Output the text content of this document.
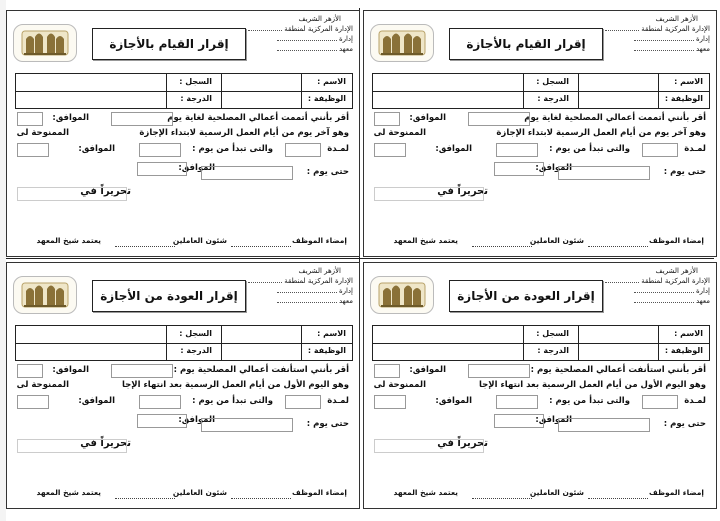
الأزهر الشريف
الإدارة المركزية لمنطقة
إدارة
معهد
إقرار القيام بالأجازة
الاسم :
السجل :
الوظيفة :
الدرجة :
أقر بأنني أتممت أعمالي المصلحية لغاية يوم
الموافق:
وهو آخر يوم من أيام العمل الرسمية لابتداء الإجازة
الممنوحة لى
لمـدة
والتى تبدأ من يوم :
الموافق:
الموافق:	حتى يوم :
تحريراً في
إمضاء الموظف
شئون العاملين
يعتمد شيخ المعهد
الأزهر الشريف
الإدارة المركزية لمنطقة
إدارة
معهد
إقرار القيام بالأجازة
الاسم :
السجل :
الوظيفة :
الدرجة :
أقر بأنني أتممت أعمالي المصلحية لغاية يوم
الموافق:
وهو آخر يوم من أيام العمل الرسمية لابتداء الإجازة
الممنوحة لى
لمـدة
والتى تبدأ من يوم :
الموافق:
الموافق:	حتى يوم :
تحريراً في
إمضاء الموظف
شئون العاملين
يعتمد شيخ المعهد
الأزهر الشريف
الإدارة المركزية لمنطقة
إدارة
معهد
إقرار العودة من الأجازة
الاسم :
السجل :
الوظيفة :
الدرجة :
أقر بأنني استأنفت أعمالي المصلحية يوم :
الموافق:
وهو اليوم الأول من أيام العمل الرسمية بعد انتهاء الإجا
الممنوحة لى
لمـدة
والتى تبدأ من يوم :
الموافق:
الموافق:	حتى يوم :
تحريراً في
إمضاء الموظف
شئون العاملين
يعتمد شيخ المعهد
الأزهر الشريف
الإدارة المركزية لمنطقة
إدارة
معهد
إقرار العودة من الأجازة
الاسم :
السجل :
الوظيفة :
الدرجة :
أقر بأنني استأنفت أعمالي المصلحية يوم :
الموافق:
وهو اليوم الأول من أيام العمل الرسمية بعد انتهاء الإجا
الممنوحة لى
لمـدة
والتى تبدأ من يوم :
الموافق:
الموافق:	حتى يوم :
تحريراً في
إمضاء الموظف
شئون العاملين
يعتمد شيخ المعهد
